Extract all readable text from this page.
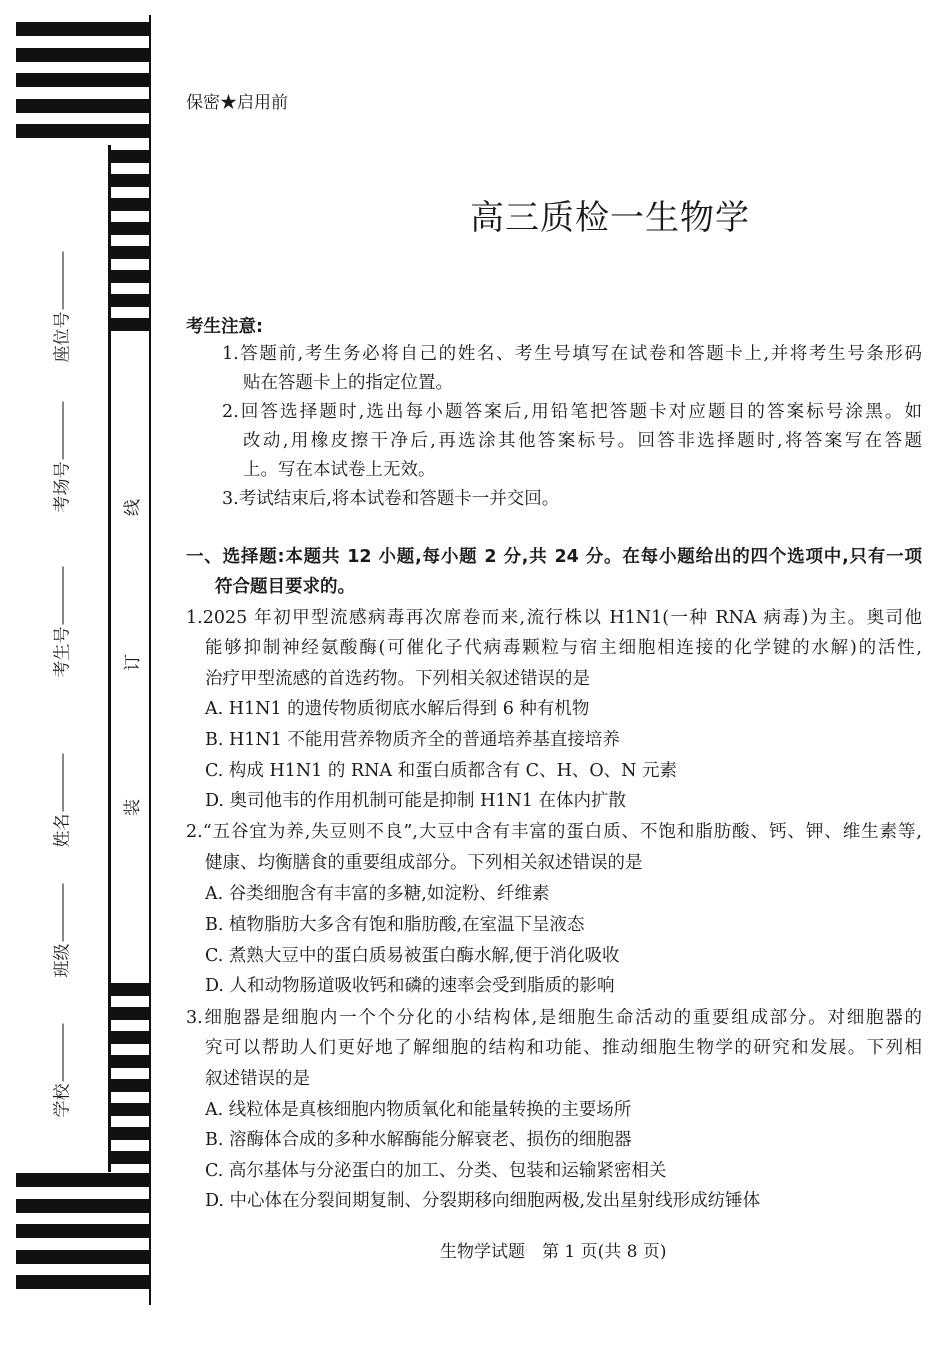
座位号
考场号
考生号
姓名
班级
学校
线
订
装
保密★启用前
高三质检一生物学
考生注意:
1.答题前,考生务必将自己的姓名、考生号填写在试卷和答题卡上,并将考生号条形码
贴在答题卡上的指定位置。
2.回答选择题时,选出每小题答案后,用铅笔把答题卡对应题目的答案标号涂黑。如
改动,用橡皮擦干净后,再选涂其他答案标号。回答非选择题时,将答案写在答题
上。写在本试卷上无效。
3.考试结束后,将本试卷和答题卡一并交回。
一、选择题:本题共 12 小题,每小题 2 分,共 24 分。在每小题给出的四个选项中,只有一项
符合题目要求的。
1.2025 年初甲型流感病毒再次席卷而来,流行株以 H1N1(一种 RNA 病毒)为主。奥司他
能够抑制神经氨酸酶(可催化子代病毒颗粒与宿主细胞相连接的化学键的水解)的活性,
治疗甲型流感的首选药物。下列相关叙述错误的是
A. H1N1 的遗传物质彻底水解后得到 6 种有机物
B. H1N1 不能用营养物质齐全的普通培养基直接培养
C. 构成 H1N1 的 RNA 和蛋白质都含有 C、H、O、N 元素
D. 奥司他韦的作用机制可能是抑制 H1N1 在体内扩散
2.“五谷宜为养,失豆则不良”,大豆中含有丰富的蛋白质、不饱和脂肪酸、钙、钾、维生素等,
健康、均衡膳食的重要组成部分。下列相关叙述错误的是
A. 谷类细胞含有丰富的多糖,如淀粉、纤维素
B. 植物脂肪大多含有饱和脂肪酸,在室温下呈液态
C. 煮熟大豆中的蛋白质易被蛋白酶水解,便于消化吸收
D. 人和动物肠道吸收钙和磷的速率会受到脂质的影响
3.细胞器是细胞内一个个分化的小结构体,是细胞生命活动的重要组成部分。对细胞器的
究可以帮助人们更好地了解细胞的结构和功能、推动细胞生物学的研究和发展。下列相
叙述错误的是
A. 线粒体是真核细胞内物质氧化和能量转换的主要场所
B. 溶酶体合成的多种水解酶能分解衰老、损伤的细胞器
C. 高尔基体与分泌蛋白的加工、分类、包装和运输紧密相关
D. 中心体在分裂间期复制、分裂期移向细胞两极,发出星射线形成纺锤体
生物学试题　第 1 页(共 8 页)
